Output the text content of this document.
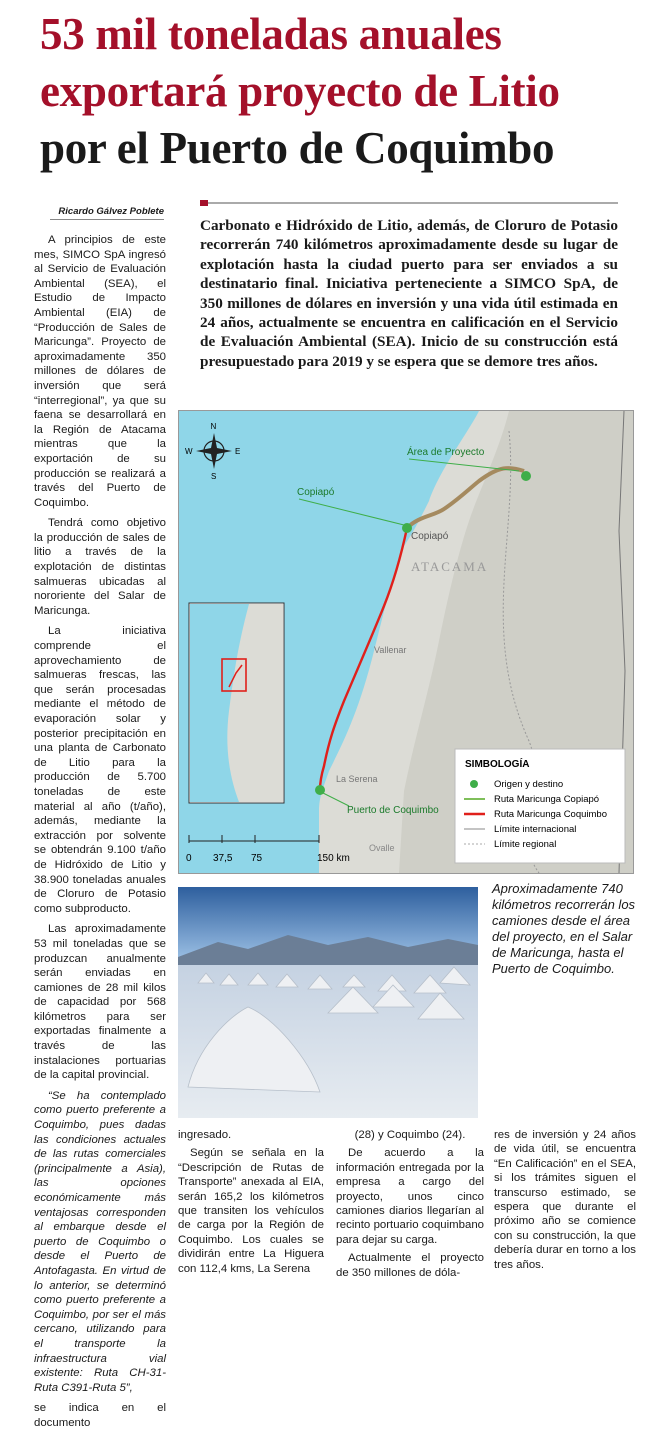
53 mil toneladas anuales
exportará proyecto de Litio
por el Puerto de Coquimbo
Ricardo Gálvez Poblete

Carbonato e Hidróxido de Litio, además, de Cloruro de Potasio recorrerán 740 kilómetros aproximadamente desde su lugar de explotación hasta la ciudad puerto para ser enviados a su destinatario final. Iniciativa perteneciente a SIMCO SpA, de 350 millones de dólares en inversión y una vida útil estimada en 24 años, actualmente se encuentra en calificación en el Servicio de Evaluación Ambiental (SEA). Inicio de su construcción está presupuestado para 2019 y se espera que se demore tres años.

A principios de este mes, SIMCO SpA ingresó al Servicio de Evaluación Ambiental (SEA), el Estudio de Impacto Ambiental (EIA) de “Producción de Sales de Maricunga”. Proyecto de aproximadamente 350 millones de dólares de inversión que será “interregional”, ya que su faena se desarrollará en la Región de Atacama mientras que la exportación de su producción se realizará a través del Puerto de Coquimbo.

Tendrá como objetivo la producción de sales de litio a través de la explotación de distintas salmueras ubicadas al nororiente del Salar de Maricunga.

La iniciativa comprende el aprovechamiento de salmueras frescas, las que serán procesadas mediante el método de evaporación solar y posterior precipitación en una planta de Carbonato de Litio para la producción de 5.700 toneladas de este material al año (t/año), además, mediante la extracción por solvente se obtendrán 9.100 t/año de Hidróxido de Litio y 38.900 toneladas anuales de Cloruro de Potasio como subproducto.

Las aproximadamente 53 mil toneladas que se produzcan anualmente serán enviadas en camiones de 28 mil kilos de capacidad por 568 kilómetros para ser exportadas finalmente a través de las instalaciones portuarias de la capital provincial.

“Se ha contemplado como puerto preferente a Coquimbo, pues dadas las condiciones actuales de las rutas comerciales (principalmente a Asia), las opciones económicamente más ventajosas corresponden al embarque desde el puerto de Coquimbo o desde el Puerto de Antofagasta. En virtud de lo anterior, se determinó como puerto preferente a Coquimbo, por ser el más cercano, utilizando para el transporte la infraestructura vial existente: Ruta CH-31-Ruta C391-Ruta 5”,

se indica en el documento

Área de Proyecto
Copiapó
Puerto de Coquimbo
Copiapó
ATACAMA
Vallenar
La Serena
Ovalle
N
S
E
W
0 37,5 75	150 km
SIMBOLOGÍA
Origen y destino
Ruta Maricunga Copiapó
Ruta Maricunga Coquimbo
Límite internacional
Límite regional

Aproximadamente 740 kilómetros recorrerán los camiones desde el área del proyecto, en el Salar de Maricunga, hasta el Puerto de Coquimbo.

ingresado.

Según se señala en la “Descripción de Rutas de Transporte” anexada al EIA, serán 165,2 los kilómetros que transiten los vehículos de carga por la Región de Coquimbo. Los cuales se dividirán entre La Higuera con 112,4 kms, La Serena

(28) y Coquimbo (24).

De acuerdo a la información entregada por la empresa a cargo del proyecto, unos cinco camiones diarios llegarían al recinto portuario coquimbano para dejar su carga.

Actualmente el proyecto de 350 millones de dóla-

res de inversión y 24 años de vida útil, se encuentra “En Calificación” en el SEA, si los trámites siguen el transcurso estimado, se espera que durante el próximo año se comience con su construcción, la que debería durar en torno a los tres años.
